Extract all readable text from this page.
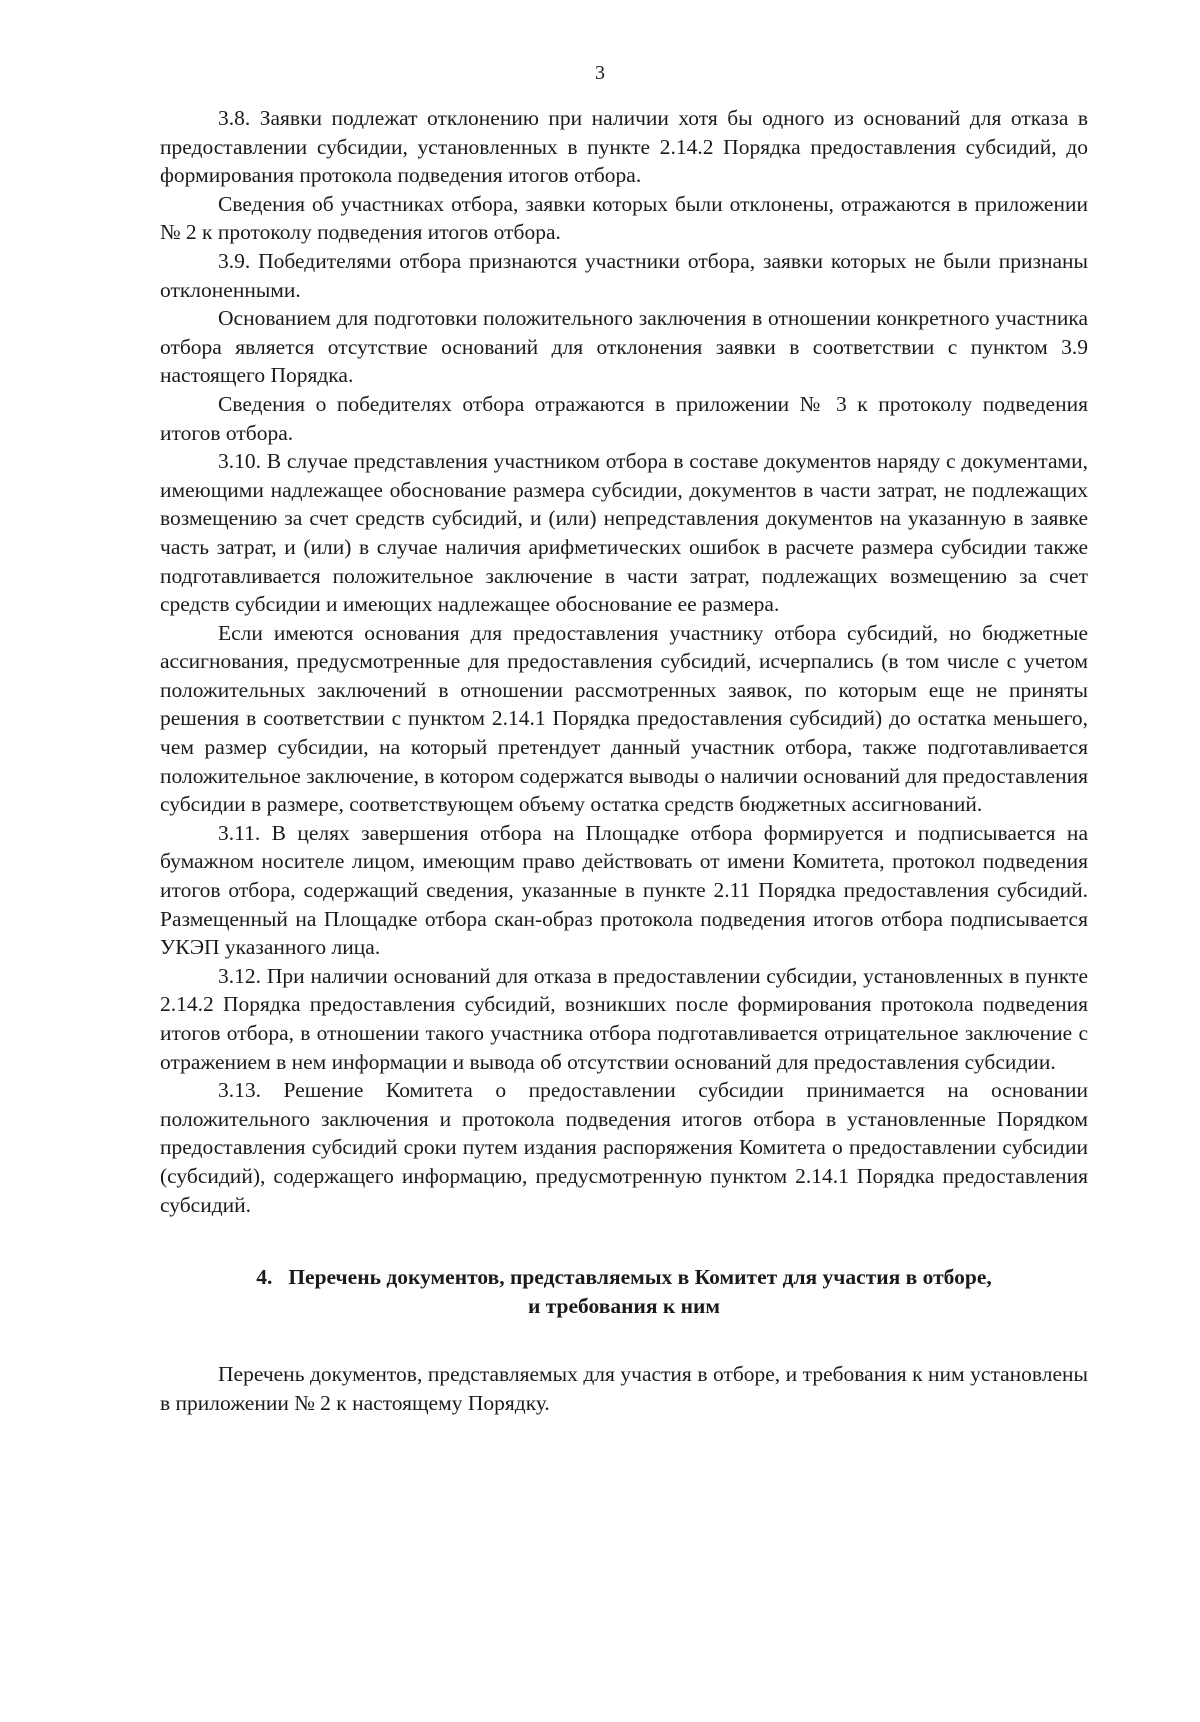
3

3.8. Заявки подлежат отклонению при наличии хотя бы одного из оснований для отказа в предоставлении субсидии, установленных в пункте 2.14.2 Порядка предоставления субсидий, до формирования протокола подведения итогов отбора.

Сведения об участниках отбора, заявки которых были отклонены, отражаются в приложении № 2 к протоколу подведения итогов отбора.

3.9. Победителями отбора признаются участники отбора, заявки которых не были признаны отклоненными.

Основанием для подготовки положительного заключения в отношении конкретного участника отбора является отсутствие оснований для отклонения заявки в соответствии с пунктом 3.9 настоящего Порядка.

Сведения о победителях отбора отражаются в приложении № 3 к протоколу подведения итогов отбора.

3.10. В случае представления участником отбора в составе документов наряду с документами, имеющими надлежащее обоснование размера субсидии, документов в части затрат, не подлежащих возмещению за счет средств субсидий, и (или) непредставления документов на указанную в заявке часть затрат, и (или) в случае наличия арифметических ошибок в расчете размера субсидии также подготавливается положительное заключение в части затрат, подлежащих возмещению за счет средств субсидии и имеющих надлежащее обоснование ее размера.

Если имеются основания для предоставления участнику отбора субсидий, но бюджетные ассигнования, предусмотренные для предоставления субсидий, исчерпались (в том числе с учетом положительных заключений в отношении рассмотренных заявок, по которым еще не приняты решения в соответствии с пунктом 2.14.1 Порядка предоставления субсидий) до остатка меньшего, чем размер субсидии, на который претендует данный участник отбора, также подготавливается положительное заключение, в котором содержатся выводы о наличии оснований для предоставления субсидии в размере, соответствующем объему остатка средств бюджетных ассигнований.

3.11. В целях завершения отбора на Площадке отбора формируется и подписывается на бумажном носителе лицом, имеющим право действовать от имени Комитета, протокол подведения итогов отбора, содержащий сведения, указанные в пункте 2.11 Порядка предоставления субсидий. Размещенный на Площадке отбора скан-образ протокола подведения итогов отбора подписывается УКЭП указанного лица.

3.12. При наличии оснований для отказа в предоставлении субсидии, установленных в пункте 2.14.2 Порядка предоставления субсидий, возникших после формирования протокола подведения итогов отбора, в отношении такого участника отбора подготавливается отрицательное заключение с отражением в нем информации и вывода об отсутствии оснований для предоставления субсидии.

3.13. Решение Комитета о предоставлении субсидии принимается на основании положительного заключения и протокола подведения итогов отбора в установленные Порядком предоставления субсидий сроки путем издания распоряжения Комитета о предоставлении субсидии (субсидий), содержащего информацию, предусмотренную пунктом 2.14.1 Порядка предоставления субсидий.

4. Перечень документов, представляемых в Комитет для участия в отборе,
и требования к ним

Перечень документов, представляемых для участия в отборе, и требования к ним установлены в приложении № 2 к настоящему Порядку.
